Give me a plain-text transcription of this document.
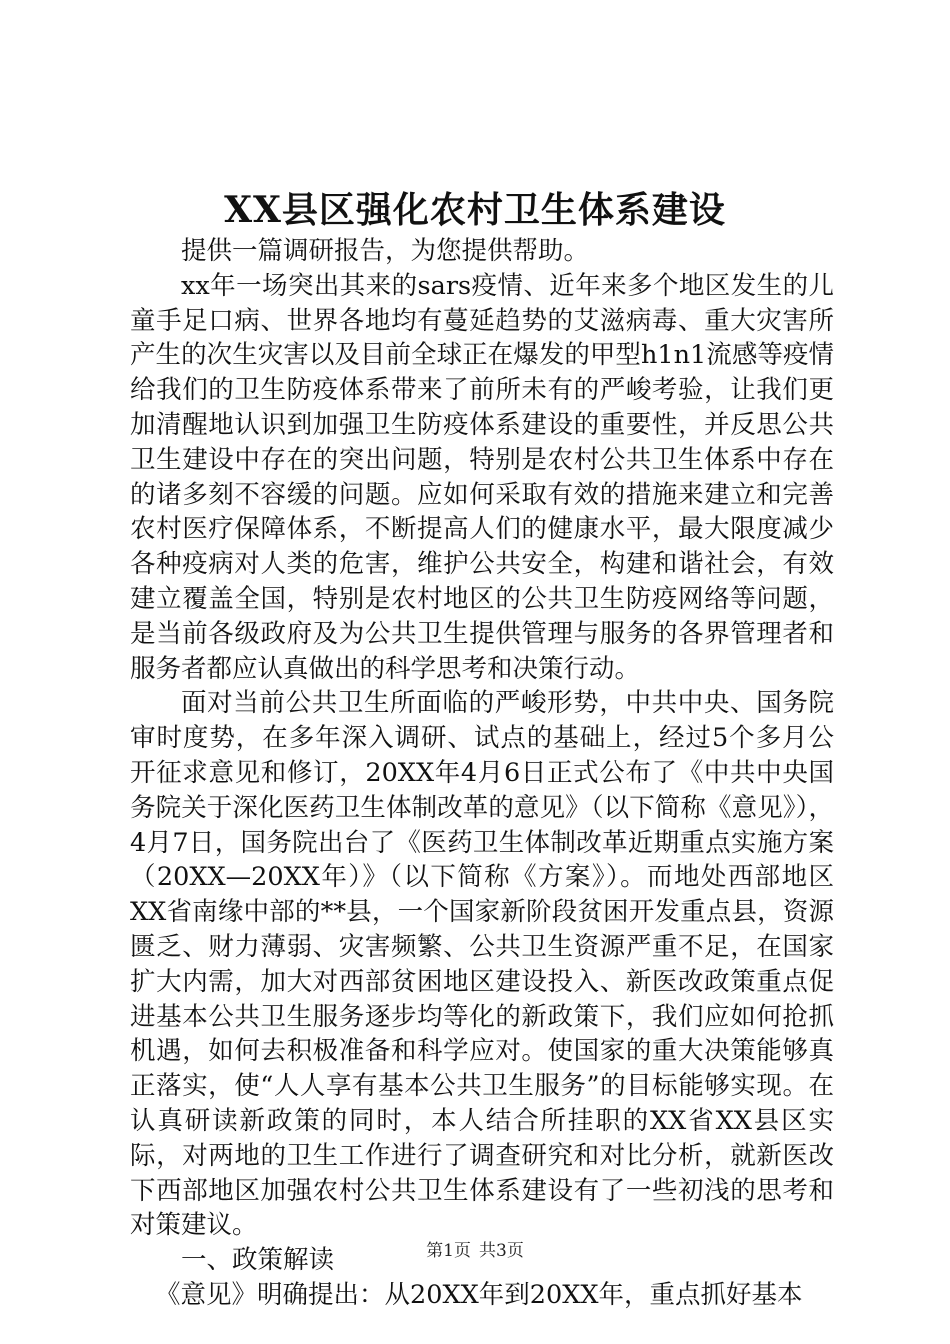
XX县区强化农村卫生体系建设

提供一篇调研报告，为您提供帮助。

xx年一场突出其来的sars疫情、近年来多个地区发生的儿童手足口病、世界各地均有蔓延趋势的艾滋病毒、重大灾害所产生的次生灾害以及目前全球正在爆发的甲型h1n1流感等疫情给我们的卫生防疫体系带来了前所未有的严峻考验，让我们更加清醒地认识到加强卫生防疫体系建设的重要性，并反思公共卫生建设中存在的突出问题，特别是农村公共卫生体系中存在的诸多刻不容缓的问题。应如何采取有效的措施来建立和完善农村医疗保障体系，不断提高人们的健康水平，最大限度减少各种疫病对人类的危害，维护公共安全，构建和谐社会，有效建立覆盖全国，特别是农村地区的公共卫生防疫网络等问题，是当前各级政府及为公共卫生提供管理与服务的各界管理者和服务者都应认真做出的科学思考和决策行动。

面对当前公共卫生所面临的严峻形势，中共中央、国务院审时度势，在多年深入调研、试点的基础上，经过5个多月公开征求意见和修订，20XX年4月6日正式公布了《中共中央国务院关于深化医药卫生体制改革的意见》（以下简称《意见》），4月7日，国务院出台了《医药卫生体制改革近期重点实施方案（20XX—20XX年）》（以下简称《方案》）。而地处西部地区XX省南缘中部的**县，一个国家新阶段贫困开发重点县，资源匮乏、财力薄弱、灾害频繁、公共卫生资源严重不足，在国家扩大内需，加大对西部贫困地区建设投入、新医改政策重点促进基本公共卫生服务逐步均等化的新政策下，我们应如何抢抓机遇，如何去积极准备和科学应对。使国家的重大决策能够真正落实，使“人人享有基本公共卫生服务”的目标能够实现。在认真研读新政策的同时，本人结合所挂职的XX省XX县区实际，对两地的卫生工作进行了调查研究和对比分析，就新医改下西部地区加强农村公共卫生体系建设有了一些初浅的思考和对策建议。

一、政策解读

《意见》明确提出：从20XX年到20XX年，重点抓好基本

第1页 共3页
